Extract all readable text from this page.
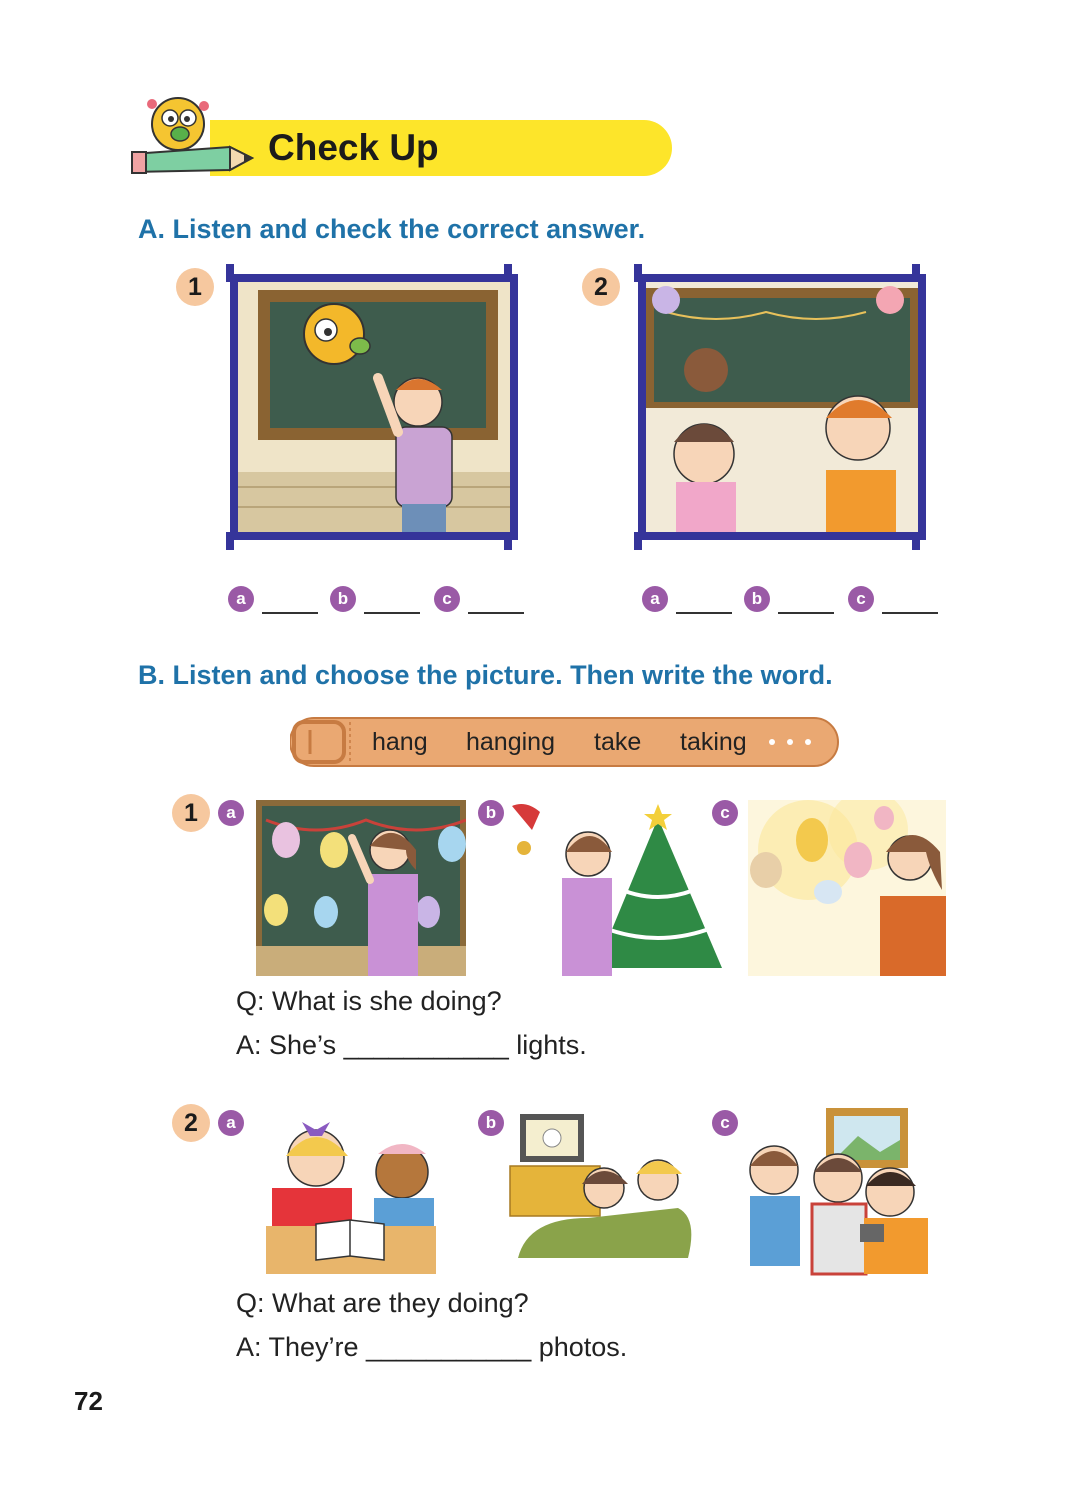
Check Up
A. Listen and check the correct answer.
1
a	b	c
2
a	b	c
B. Listen and choose the picture. Then write the word.
hang hanging take taking
1	a	b	c
Q: What is she doing?
A: She’s ___________ lights.
2	a	b	c
Q: What are they doing?
A: They’re ___________ photos.
72
